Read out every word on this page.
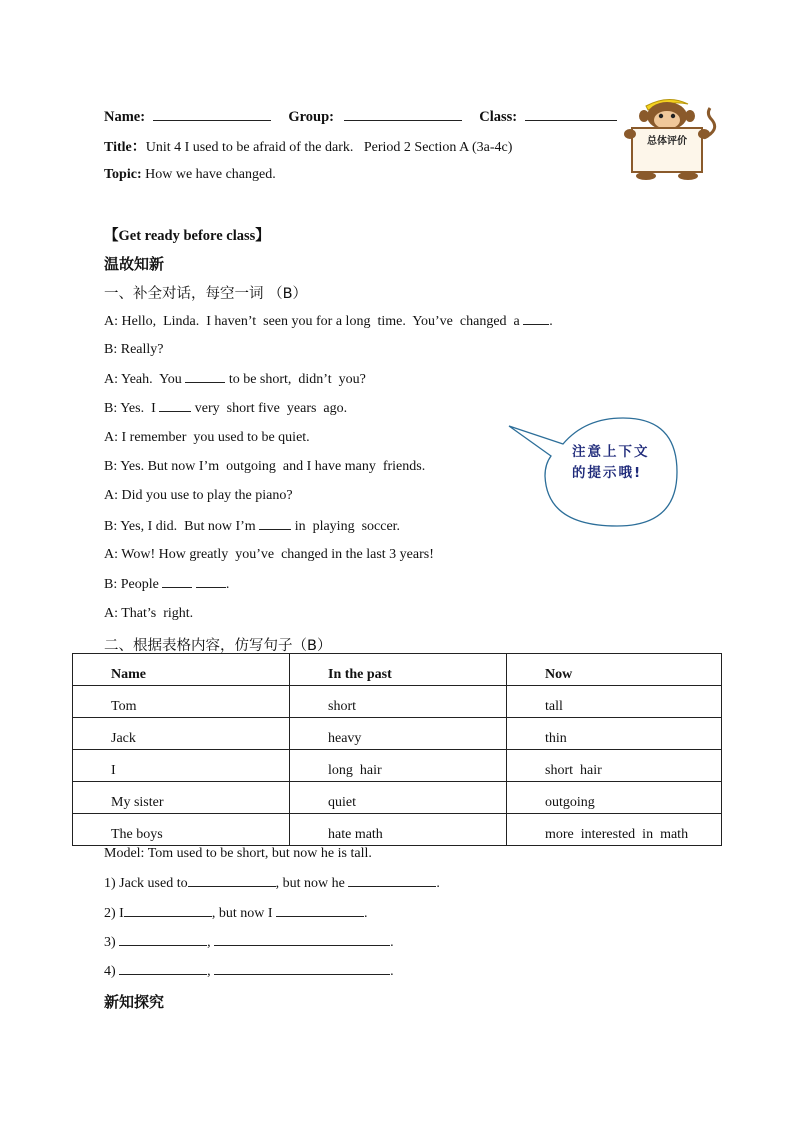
Name:	Group:	Class:
Title：Unit 4 I used to be afraid of the dark.   Period 2 Section A (3a-4c)
Topic: How we have changed.
总体评价
【Get ready before class】
温故知新
一、补全对话，每空一词 （B）
A: Hello,  Linda.  I haven’t  seen you for a long  time.  You’ve  changed  a .
B: Really?
A: Yeah.  You	to be short,  didn’t  you?
B: Yes.  I  very  short five  years  ago.
A: I remember  you used to be quiet.
B: Yes. But now I’m  outgoing  and I have many  friends.
A: Did you use to play the piano?
B: Yes, I did.  But now I’m  in  playing  soccer.
A: Wow! How greatly  you’ve  changed in the last 3 years!
B: People	.
A: That’s  right.
注意上下文的提示哦!
二、根据表格内容，仿写句子（B）
Name	In the past	Now
Tom	short	tall
Jack	heavy	thin
I	long  hair	short  hair
My sister	quiet	outgoing
The boys	hate math	more  interested  in  math
Model: Tom used to be short, but now he is tall.
1) Jack used to	, but now he	.
2) I	, but now I	.
3)	,	.
4)	,	.
新知探究
